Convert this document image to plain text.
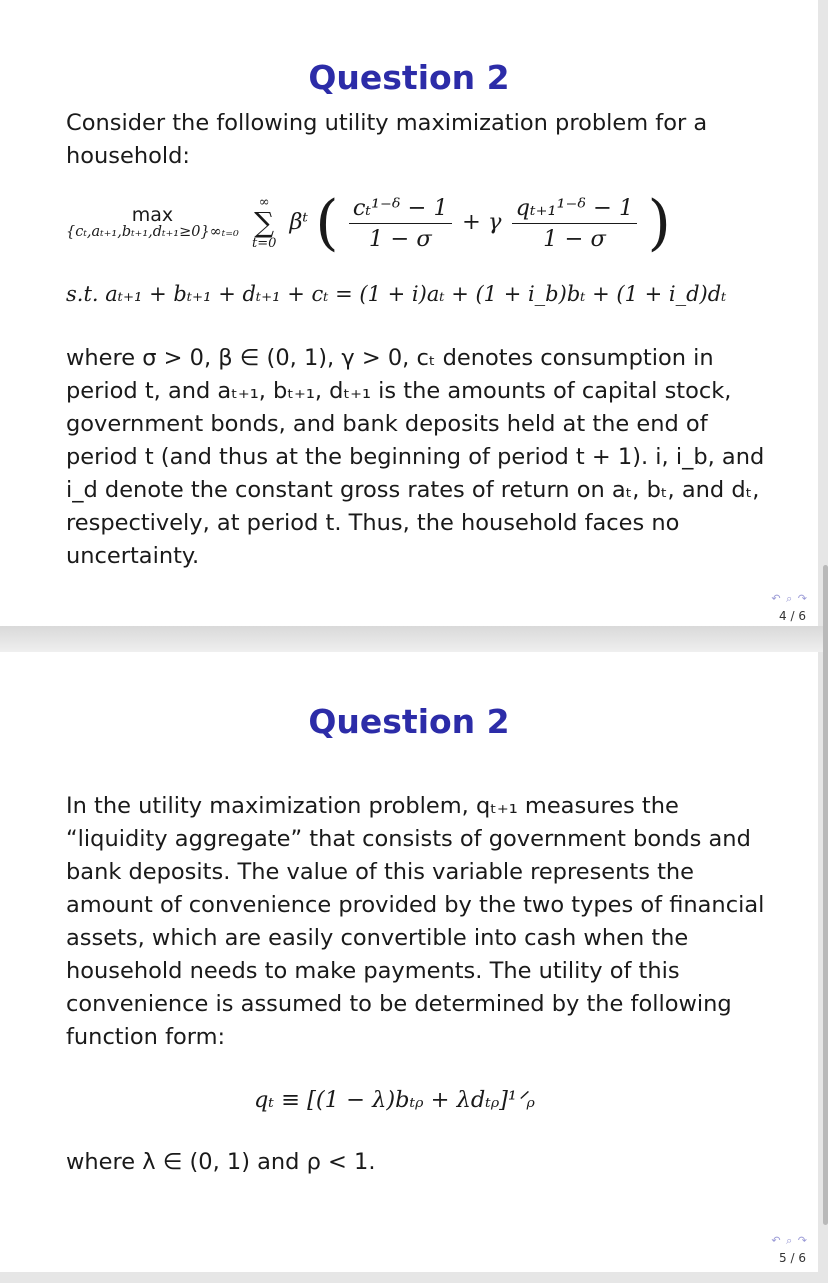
Question 2

Consider the following utility maximization problem for a
household:

max
{cₜ,aₜ₊₁,bₜ₊₁,dₜ₊₁≥0}∞ₜ₌₀

∞
∑
t=0
βᵗ ( $\frac{\text{cₜ¹⁻ᵟ − 1}}{1 - \sigma} + \gamma \frac{\text{qₜ₊₁¹⁻ᵟ − 1}}{1 - \sigma}$ )
s.t. aₜ₊₁ + bₜ₊₁ + dₜ₊₁ + cₜ = (1 + i)aₜ + (1 + i_b)bₜ + (1 + i_d)dₜ

where σ > 0, β ∈ (0, 1), γ > 0, cₜ denotes consumption in
period t, and aₜ₊₁, bₜ₊₁, dₜ₊₁ is the amounts of capital stock,
government bonds, and bank deposits held at the end of
period t (and thus at the beginning of period t + 1). i, i_b, and
i_d denote the constant gross rates of return on aₜ, bₜ, and dₜ,
respectively, at period t. Thus, the household faces no
uncertainty.

↶ ⌕ ↷
4 / 6
Question 2

In the utility maximization problem, qₜ₊₁ measures the
“liquidity aggregate” that consists of government bonds and
bank deposits. The value of this variable represents the
amount of convenience provided by the two types of financial
assets, which are easily convertible into cash when the
household needs to make payments. The utility of this
convenience is assumed to be determined by the following
function form:

qₜ ≡ [(1 − λ)bₜᵨ + λdₜᵨ]¹ᐟᵨ

where λ ∈ (0, 1) and ρ < 1.

↶ ⌕ ↷
5 / 6
